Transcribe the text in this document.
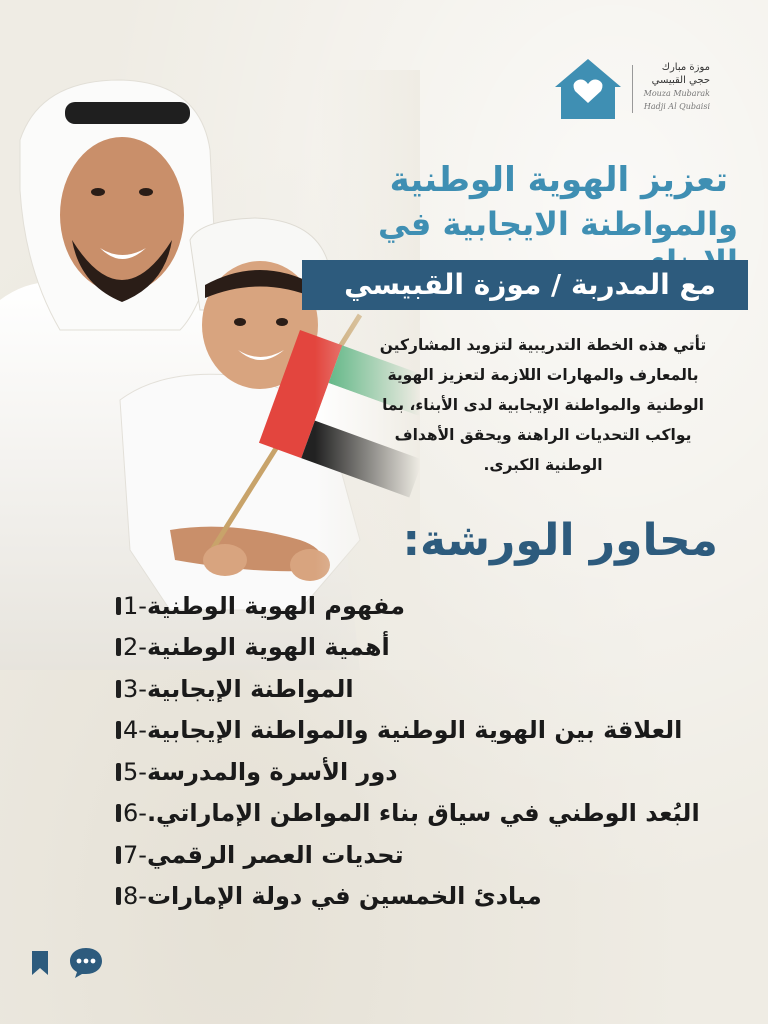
موزة مبارك
حجي القبيسي
Mouza Mubarak
Hadji Al Qubaisi
تعزيز الهوية الوطنية
والمواطنة الايجابية في
مع المدربة / موزة القبيسي
تأتي هذه الخطة التدريبية لتزويد المشاركين بالمعارف والمهارات اللازمة لتعزيز الهوية الوطنية والمواطنة الإيجابية لدى الأبناء، بما يواكب التحديات الراهنة ويحقق الأهداف الوطنية الكبرى.
محاور الورشة:
1- مفهوم الهوية الوطنية
2- أهمية الهوية الوطنية
3- المواطنة الإيجابية
4- العلاقة بين الهوية الوطنية والمواطنة الإيجابية
5- دور الأسرة والمدرسة
6- البُعد الوطني في سياق بناء المواطن الإماراتي.
7- تحديات العصر الرقمي
8- مبادئ الخمسين في دولة الإمارات
